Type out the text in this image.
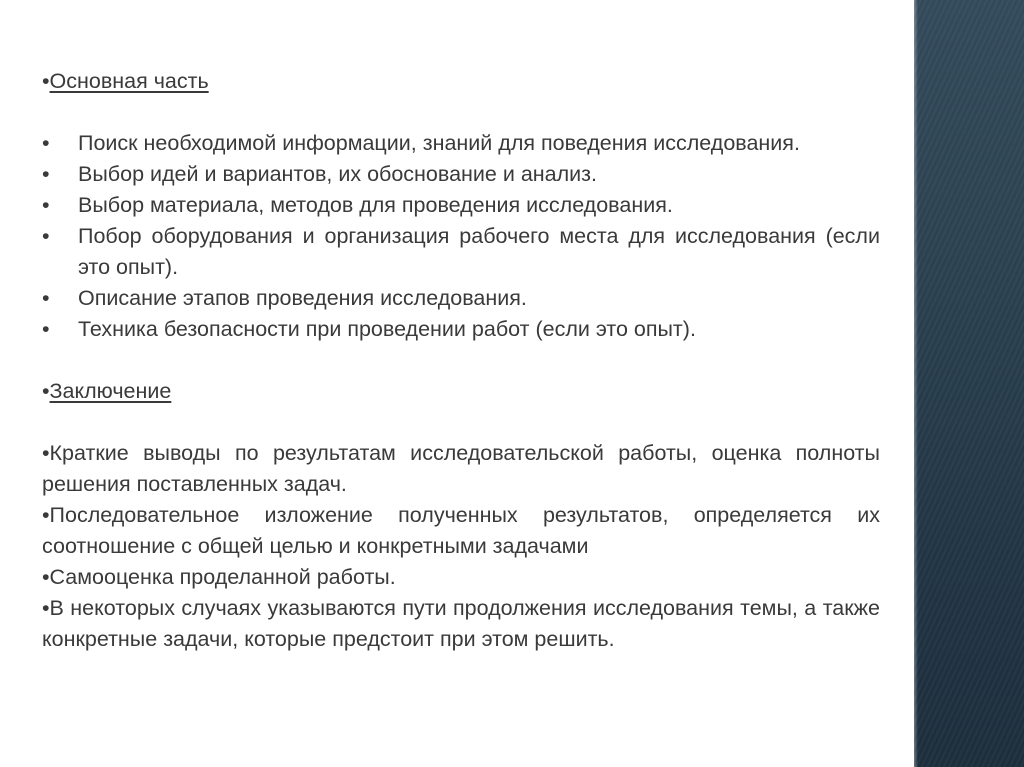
•Основная часть

• Поиск необходимой информации, знаний для поведения исследования.
• Выбор идей и вариантов, их обоснование и анализ.
• Выбор материала, методов для проведения исследования.
• Побор оборудования и организация рабочего места для исследования (если это опыт).
• Описание этапов проведения исследования.
• Техника безопасности при проведении работ (если это опыт).

•Заключение

•Краткие выводы по результатам исследовательской работы, оценка полноты решения поставленных задач.
•Последовательное изложение полученных результатов, определяется их соотношение с общей целью и конкретными задачами
•Самооценка проделанной работы.
•В некоторых случаях указываются пути продолжения исследования темы, а также конкретные задачи, которые предстоит при этом решить.
